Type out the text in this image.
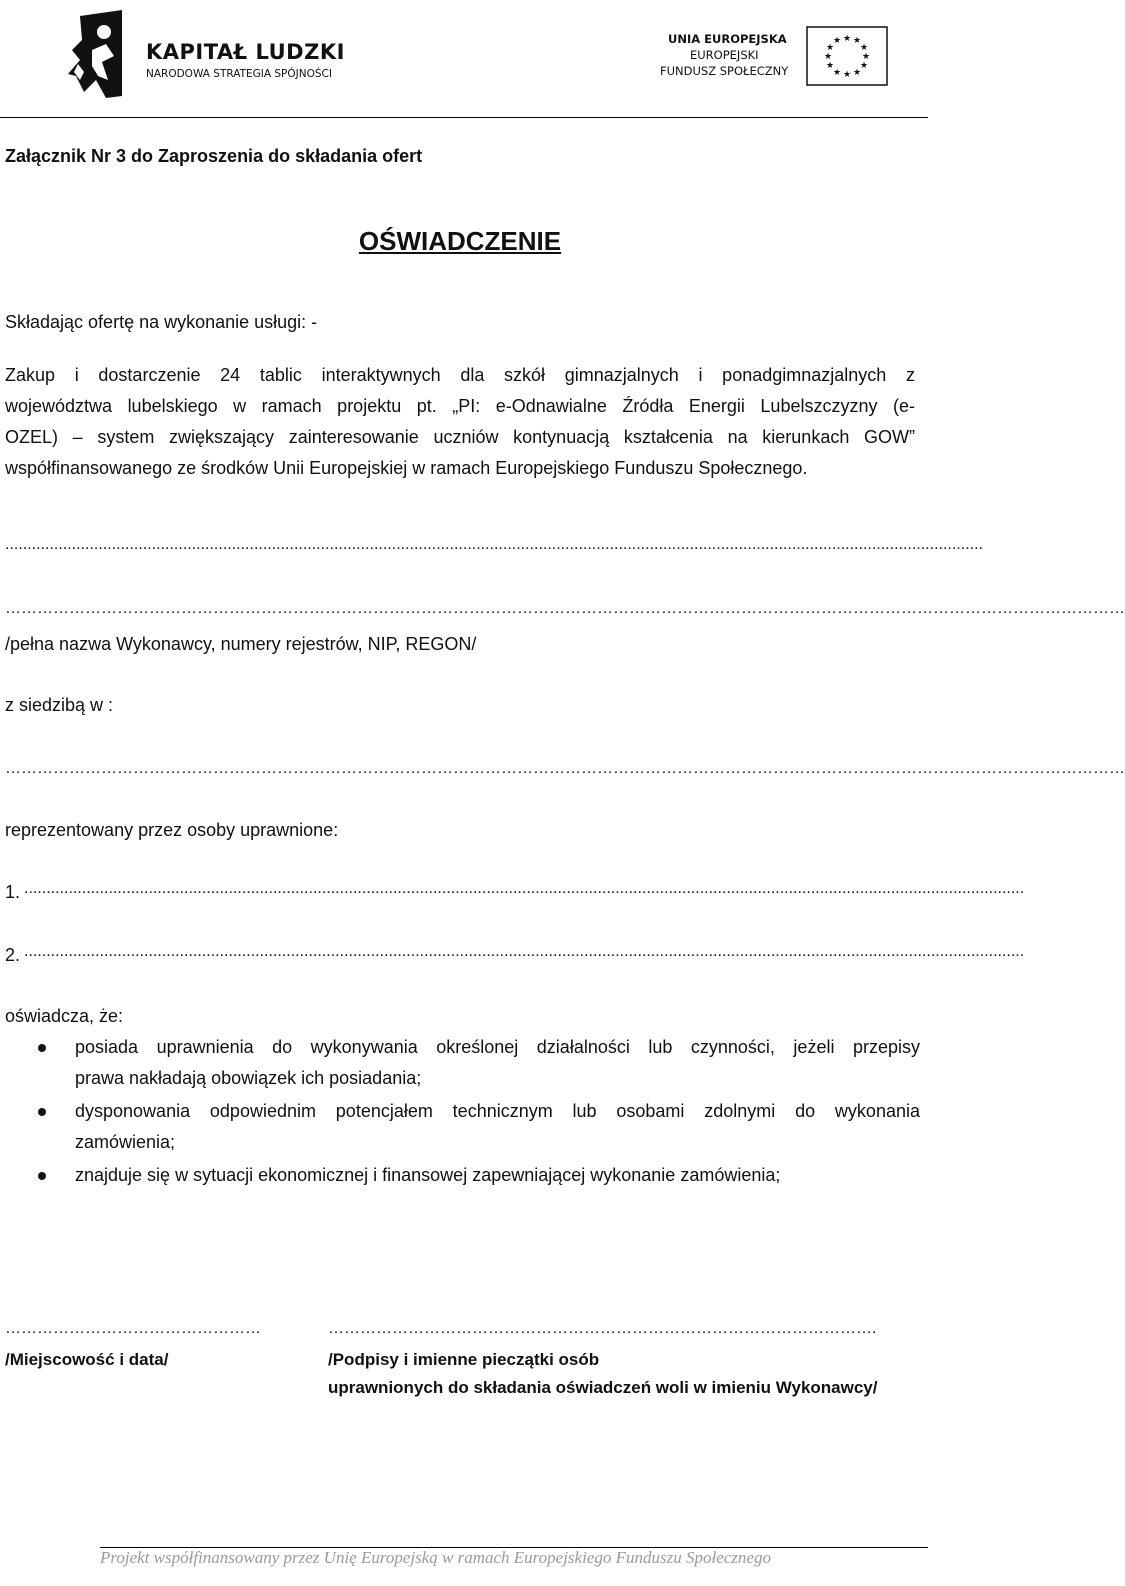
KAPITAŁ LUDZKI
NARODOWA STRATEGIA SPÓJNOŚCI
UNIA EUROPEJSKA
EUROPEJSKI
FUNDUSZ SPOŁECZNY
★ ★
★
★
★
★
★
★
★
★
★
★
Załącznik Nr 3 do Zaproszenia do składania ofert
OŚWIADCZENIE
Składając ofertę na wykonanie usługi: -
Zakup i dostarczenie 24 tablic interaktywnych dla szkół gimnazjalnych i ponadgimnazjalnych z
województwa lubelskiego w ramach projektu pt. „PI: e-Odnawialne Źródła Energii Lubelszczyzny (e-
OZEL) – system zwiększający zainteresowanie uczniów kontynuacją kształcenia na kierunkach GOW”
współfinansowanego ze środków Unii Europejskiej w ramach Europejskiego Funduszu Społecznego.
............................................................................................................................................................................................................................
…………………………………………………………………………………………………………………………………………………………………………………………
/pełna nazwa Wykonawcy, numery rejestrów, NIP, REGON/
z siedzibą w :
…………………………………………………………………………………………………………………………………………………………………………………………
reprezentowany przez osoby uprawnione:
1. .................................................................................................................................................................................................................................
2. .................................................................................................................................................................................................................................
oświadcza, że:
posiada uprawnienia do wykonywania określonej działalności lub czynności, jeżeli przepisy
prawa nakładają obowiązek ich posiadania;
dysponowania odpowiednim potencjałem technicznym lub osobami zdolnymi do wykonania
zamówienia;
znajduje się w sytuacji ekonomicznej i finansowej zapewniającej wykonanie zamówienia;
…………………………………………	………………………………………………………………………………………….
/Miejscowość i data/	/Podpisy i imienne pieczątki osób
uprawnionych do składania oświadczeń woli w imieniu Wykonawcy/
Projekt współfinansowany przez Unię Europejską w ramach Europejskiego Funduszu Społecznego
